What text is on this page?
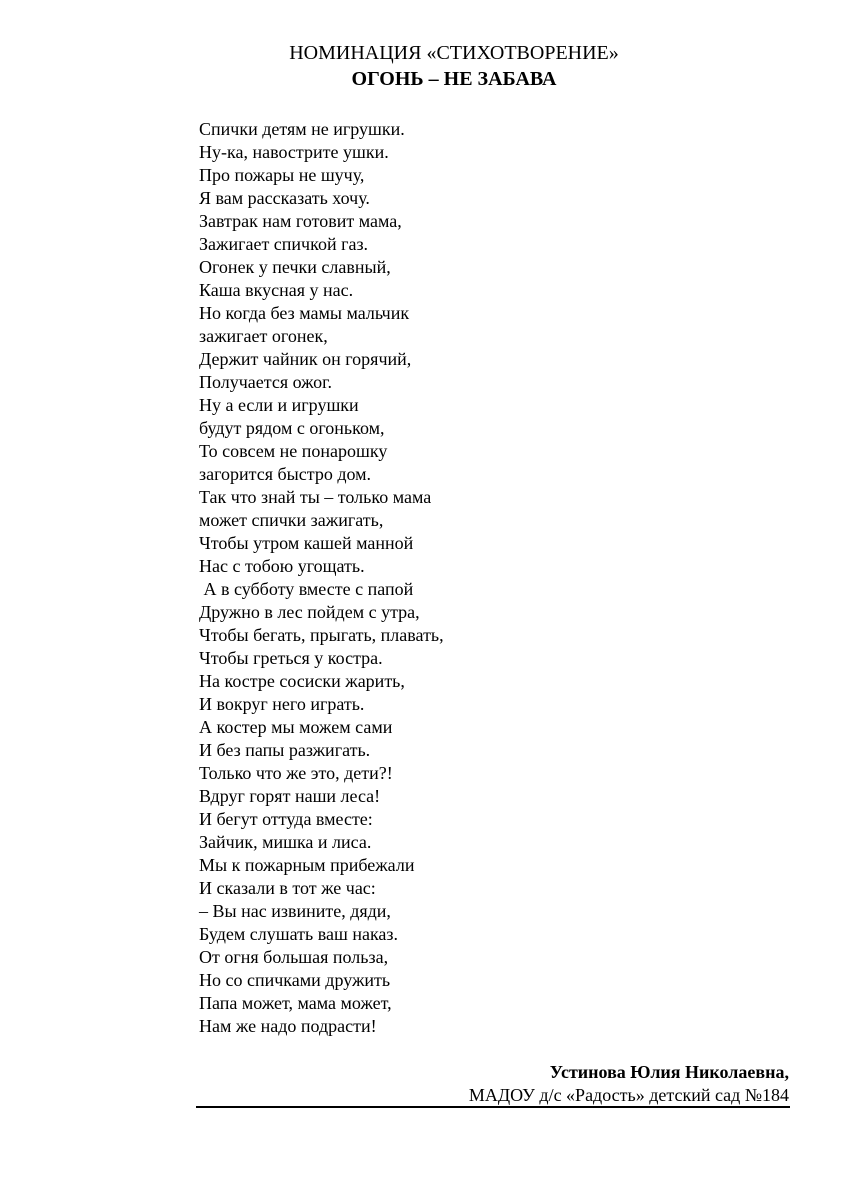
НОМИНАЦИЯ «СТИХОТВОРЕНИЕ»
ОГОНЬ – НЕ ЗАБАВА
Спички детям не игрушки.
Ну-ка, навострите ушки.
Про пожары не шучу,
Я вам рассказать хочу.
Завтрак нам готовит мама,
Зажигает спичкой газ.
Огонек у печки славный,
Каша вкусная у нас.
Но когда без мамы мальчик
зажигает огонек,
Держит чайник он горячий,
Получается ожог.
Ну а если и игрушки
будут рядом с огоньком,
То совсем не понарошку
загорится быстро дом.
Так что знай ты – только мама
может спички зажигать,
Чтобы утром кашей манной
Нас с тобою угощать.
А в субботу вместе с папой
Дружно в лес пойдем с утра,
Чтобы бегать, прыгать, плавать,
Чтобы греться у костра.
На костре сосиски жарить,
И вокруг него играть.
А костер мы можем сами
И без папы разжигать.
Только что же это, дети?!
Вдруг горят наши леса!
И бегут оттуда вместе:
Зайчик, мишка и лиса.
Мы к пожарным прибежали
И сказали в тот же час:
– Вы нас извините, дяди,
Будем слушать ваш наказ.
От огня большая польза,
Но со спичками дружить
Папа может, мама может,
Нам же надо подрасти!
Устинова Юлия Николаевна,
МАДОУ д/с «Радость» детский сад №184
